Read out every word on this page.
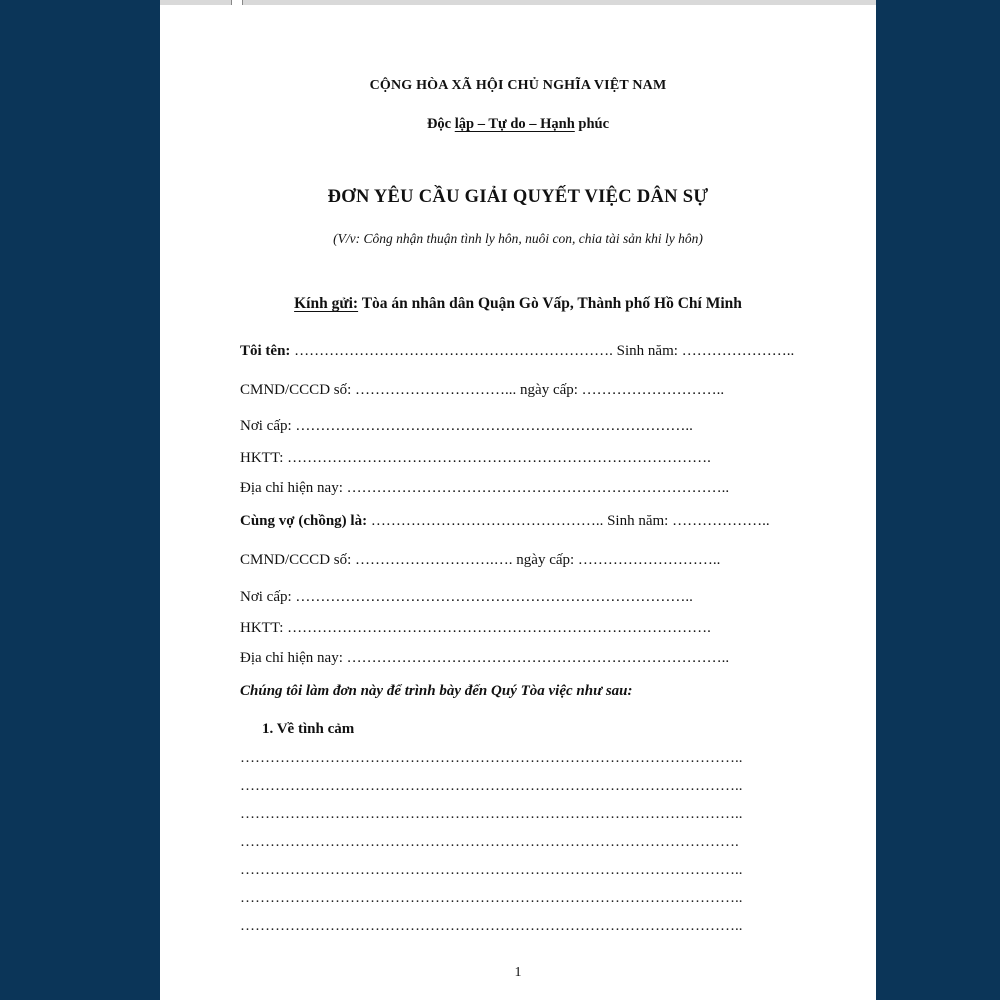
CỘNG HÒA XÃ HỘI CHỦ NGHĨA VIỆT NAM
Độc lập – Tự do – Hạnh phúc
ĐƠN YÊU CẦU GIẢI QUYẾT VIỆC DÂN SỰ
(V/v: Công nhận thuận tình ly hôn, nuôi con, chia tài sản khi ly hôn)
Kính gửi: Tòa án nhân dân Quận Gò Vấp, Thành phố Hồ Chí Minh
Tôi tên: ………………………………………………………. Sinh năm: …………………..
CMND/CCCD số: …………………………... ngày cấp: ………………………..
Nơi cấp: ……………………………………………………………………..
HKTT: ………………………………………………………………………….
Địa chỉ hiện nay: …………………………………………………………………..
Cùng vợ (chồng) là: ……………………………………….. Sinh năm: ………………..
CMND/CCCD số: ……………………….…. ngày cấp: ………………………..
Nơi cấp: ……………………………………………………………………..
HKTT: ………………………………………………………………………….
Địa chỉ hiện nay: …………………………………………………………………..
Chúng tôi làm đơn này để trình bày đến Quý Tòa việc như sau:
1. Về tình cảm
………………………………………………………………………………………..
………………………………………………………………………………………..
………………………………………………………………………………………..
……………………………………………………………………………………….
………………………………………………………………………………………..
………………………………………………………………………………………..
………………………………………………………………………………………..
1
